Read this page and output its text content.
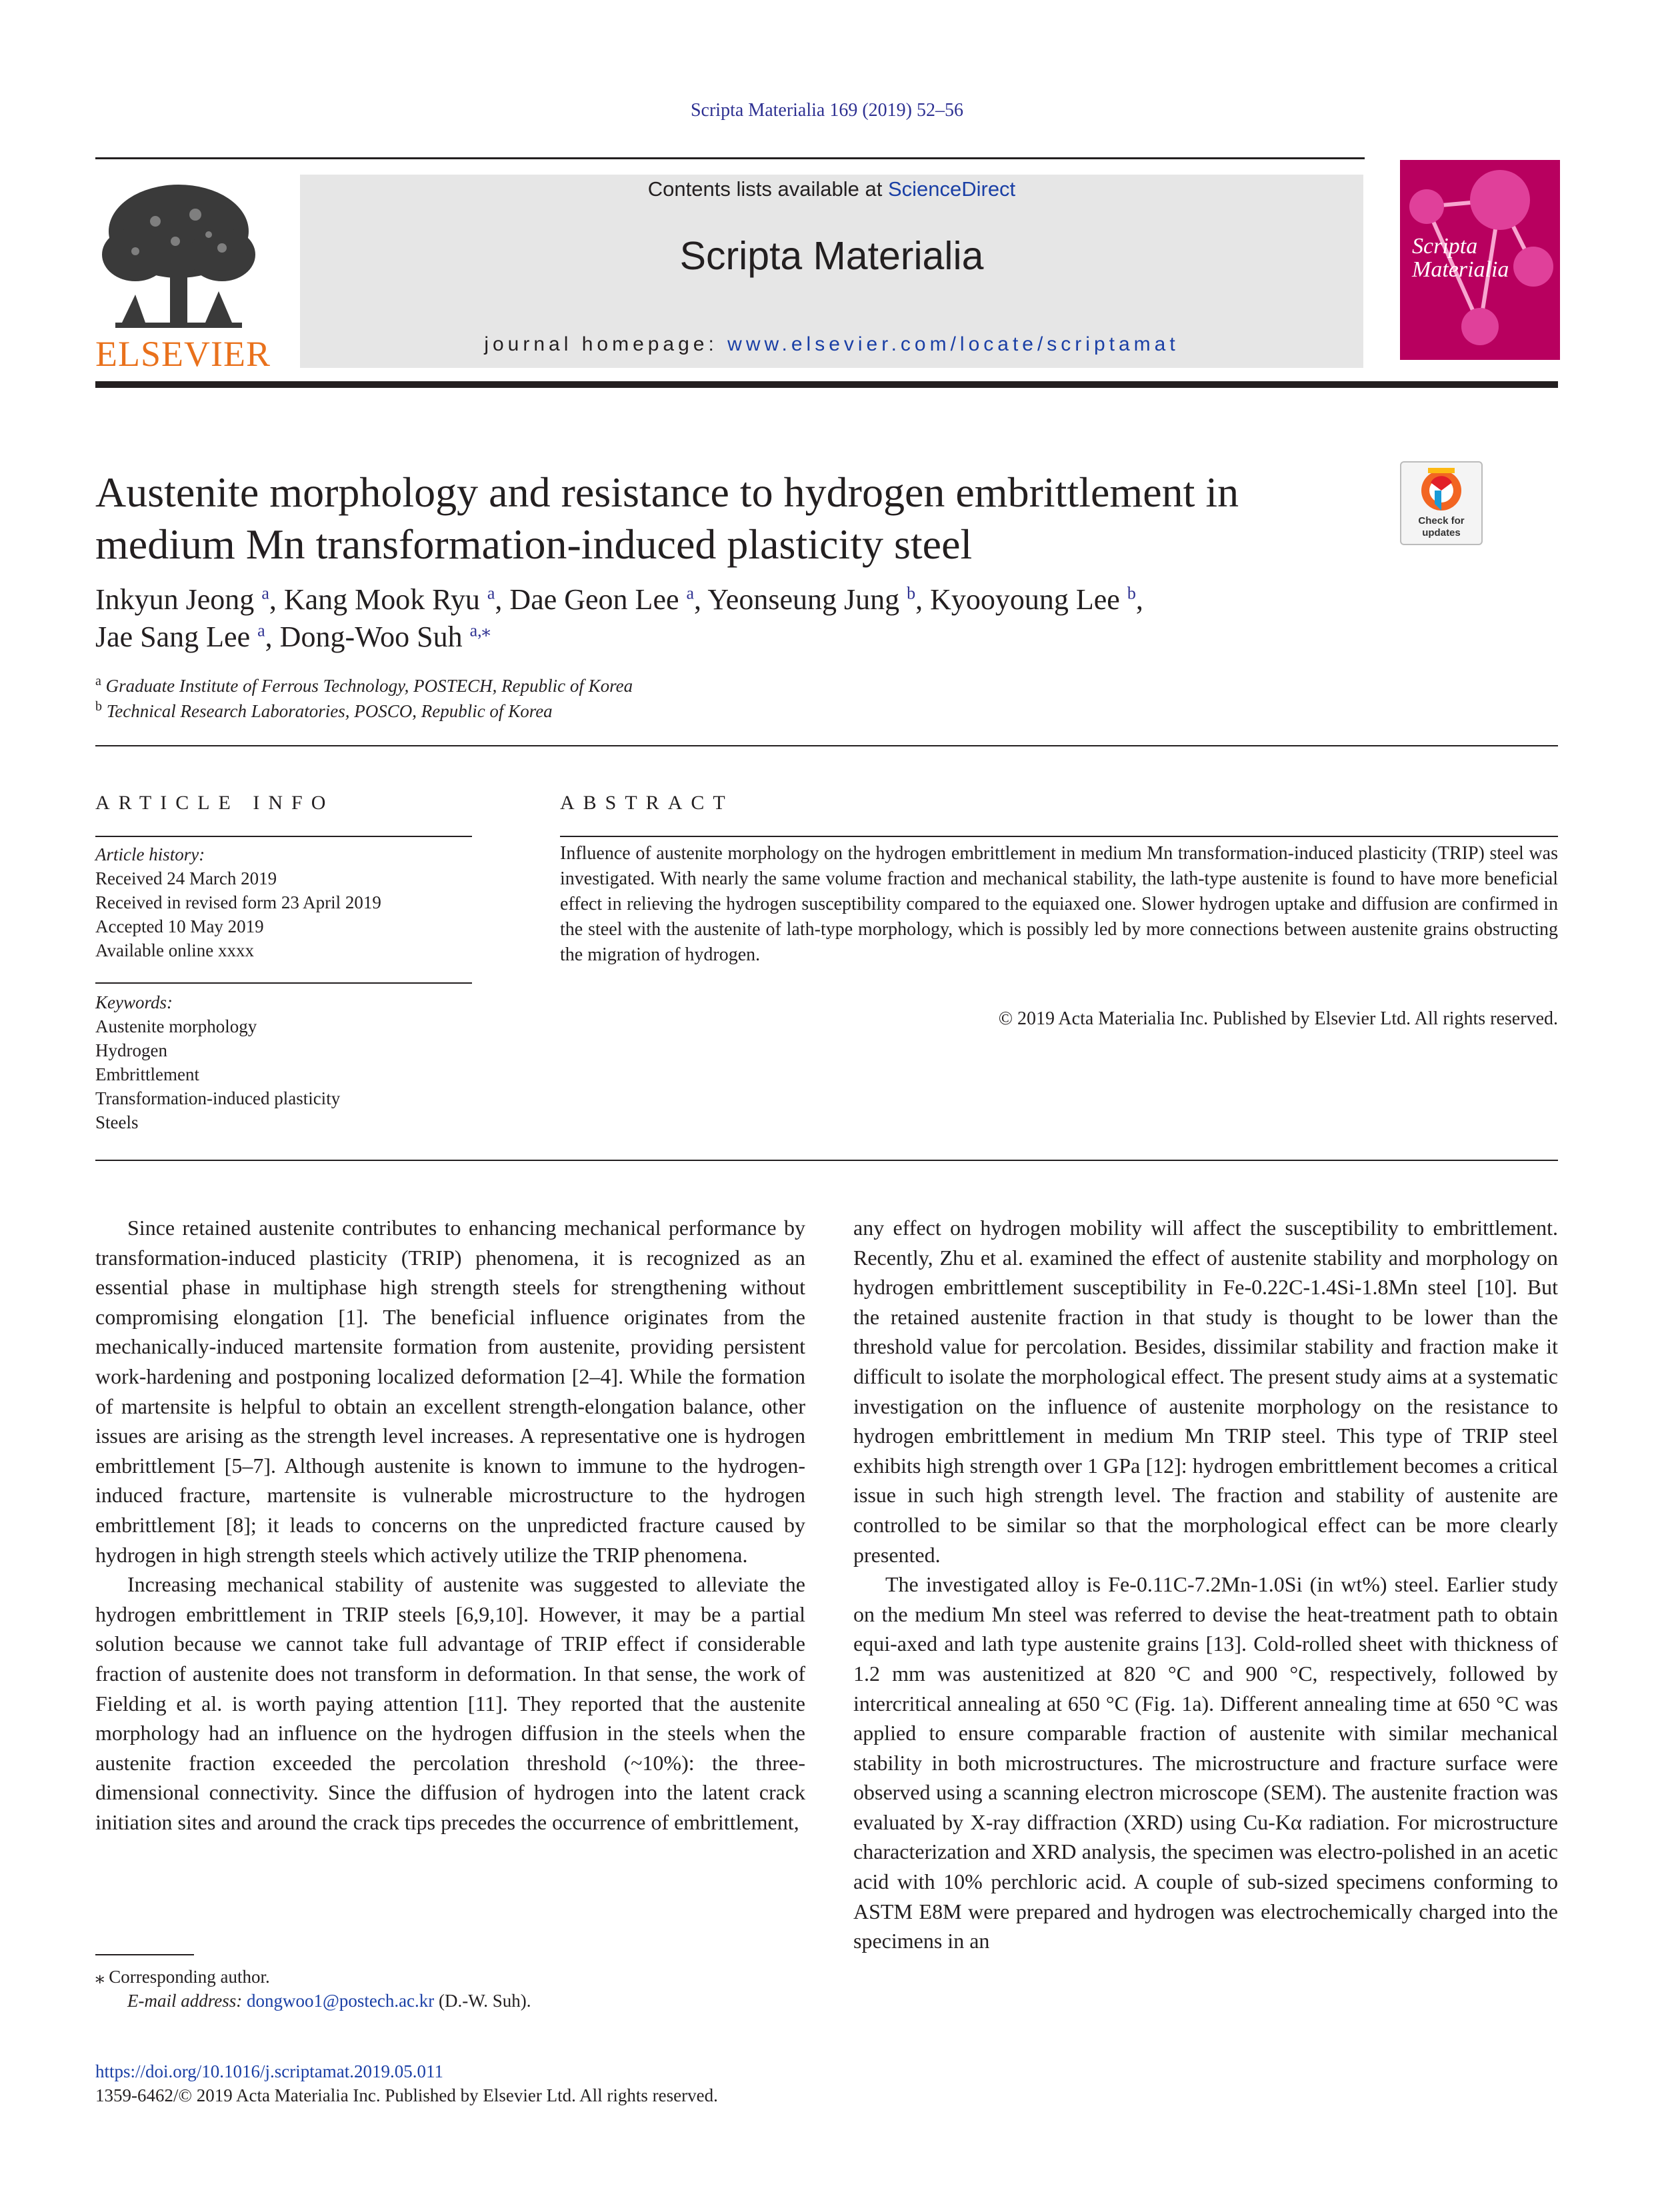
Scripta Materialia 169 (2019) 52–56
ELSEVIER
Contents lists available at ScienceDirect
Scripta Materialia
journal homepage: www.elsevier.com/locate/scriptamat
Scripta
Materialia
Austenite morphology and resistance to hydrogen embrittlement in medium Mn transformation-induced plasticity steel	Check for
updates
Inkyun Jeong $^a$, Kang Mook Ryu $^a$, Dae Geon Lee $^a$, Yeonseung Jung $^b$, Kyooyoung Lee $^b$,
Jae Sang Lee $^a$, Dong-Woo Suh $^{a,⁎}$
$^a$ Graduate Institute of Ferrous Technology, POSTECH, Republic of Korea
$^b$ Technical Research Laboratories, POSCO, Republic of Korea
ARTICLE INFO
Article history:
Received 24 March 2019
Received in revised form 23 April 2019
Accepted 10 May 2019
Available online xxxx
Keywords:
Austenite morphology
Hydrogen
Embrittlement
Transformation-induced plasticity
Steels
ABSTRACT
Influence of austenite morphology on the hydrogen embrittlement in medium Mn transformation-induced plasticity (TRIP) steel was investigated. With nearly the same volume fraction and mechanical stability, the lath-type austenite is found to have more beneficial effect in relieving the hydrogen susceptibility compared to the equiaxed one. Slower hydrogen uptake and diffusion are confirmed in the steel with the austenite of lath-type morphology, which is possibly led by more connections between austenite grains obstructing the migration of hydrogen.
© 2019 Acta Materialia Inc. Published by Elsevier Ltd. All rights reserved.

Since retained austenite contributes to enhancing mechanical performance by transformation-induced plasticity (TRIP) phenomena, it is recognized as an essential phase in multiphase high strength steels for strengthening without compromising elongation [1]. The beneficial influence originates from the mechanically-induced martensite formation from austenite, providing persistent work-hardening and postponing localized deformation [2–4]. While the formation of martensite is helpful to obtain an excellent strength-elongation balance, other issues are arising as the strength level increases. A representative one is hydrogen embrittlement [5–7]. Although austenite is known to immune to the hydrogen-induced fracture, martensite is vulnerable microstructure to the hydrogen embrittlement [8]; it leads to concerns on the unpredicted fracture caused by hydrogen in high strength steels which actively utilize the TRIP phenomena.

Increasing mechanical stability of austenite was suggested to alleviate the hydrogen embrittlement in TRIP steels [6,9,10]. However, it may be a partial solution because we cannot take full advantage of TRIP effect if considerable fraction of austenite does not transform in deformation. In that sense, the work of Fielding et al. is worth paying attention [11]. They reported that the austenite morphology had an influence on the hydrogen diffusion in the steels when the austenite fraction exceeded the percolation threshold (~10%): the three-dimensional connectivity. Since the diffusion of hydrogen into the latent crack initiation sites and around the crack tips precedes the occurrence of embrittlement,

any effect on hydrogen mobility will affect the susceptibility to embrittlement. Recently, Zhu et al. examined the effect of austenite stability and morphology on hydrogen embrittlement susceptibility in Fe-0.22C-1.4Si-1.8Mn steel [10]. But the retained austenite fraction in that study is thought to be lower than the threshold value for percolation. Besides, dissimilar stability and fraction make it difficult to isolate the morphological effect. The present study aims at a systematic investigation on the influence of austenite morphology on the resistance to hydrogen embrittlement in medium Mn TRIP steel. This type of TRIP steel exhibits high strength over 1 GPa [12]: hydrogen embrittlement becomes a critical issue in such high strength level. The fraction and stability of austenite are controlled to be similar so that the morphological effect can be more clearly presented.

The investigated alloy is Fe-0.11C-7.2Mn-1.0Si (in wt%) steel. Earlier study on the medium Mn steel was referred to devise the heat-treatment path to obtain equi-axed and lath type austenite grains [13]. Cold-rolled sheet with thickness of 1.2 mm was austenitized at 820 °C and 900 °C, respectively, followed by intercritical annealing at 650 °C (Fig. 1a). Different annealing time at 650 °C was applied to ensure comparable fraction of austenite with similar mechanical stability in both microstructures. The microstructure and fracture surface were observed using a scanning electron microscope (SEM). The austenite fraction was evaluated by X-ray diffraction (XRD) using Cu-Kα radiation. For microstructure characterization and XRD analysis, the specimen was electro-polished in an acetic acid with 10% perchloric acid. A couple of sub-sized specimens conforming to ASTM E8M were prepared and hydrogen was electrochemically charged into the specimens in an

⁎ Corresponding author.
E-mail address: dongwoo1@postech.ac.kr (D.-W. Suh).
https://doi.org/10.1016/j.scriptamat.2019.05.011
1359-6462/© 2019 Acta Materialia Inc. Published by Elsevier Ltd. All rights reserved.
